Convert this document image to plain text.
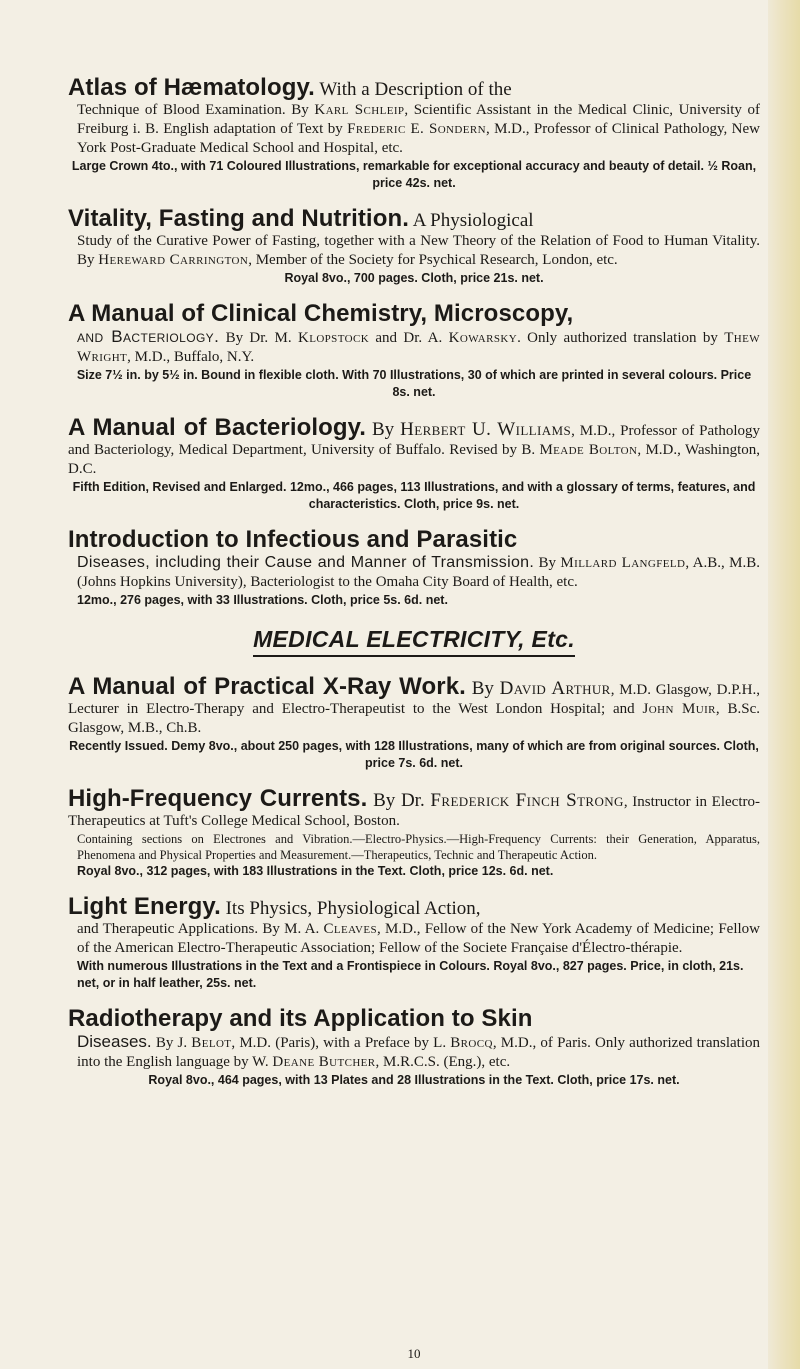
Atlas of Hæmatology. With a Description of the

Technique of Blood Examination. By Karl Schleip, Scientific Assistant in the Medical Clinic, University of Freiburg i. B. English adaptation of Text by Frederic E. Sondern, M.D., Professor of Clinical Pathology, New York Post-Graduate Medical School and Hospital, etc.

Large Crown 4to., with 71 Coloured Illustrations, remarkable for exceptional accuracy and beauty of detail. ½ Roan, price 42s. net.

Vitality, Fasting and Nutrition. A Physiological

Study of the Curative Power of Fasting, together with a New Theory of the Relation of Food to Human Vitality. By Hereward Carrington, Member of the Society for Psychical Research, London, etc.

Royal 8vo., 700 pages. Cloth, price 21s. net.

A Manual of Clinical Chemistry, Microscopy,

and Bacteriology. By Dr. M. Klopstock and Dr. A. Kowarsky. Only authorized translation by Thew Wright, M.D., Buffalo, N.Y.

Size 7½ in. by 5½ in. Bound in flexible cloth. With 70 Illustrations, 30 of which are printed in several colours. Price 8s. net.

A Manual of Bacteriology. By Herbert U. Williams, M.D., Professor of Pathology and Bacteriology, Medical Department, University of Buffalo. Revised by B. Meade Bolton, M.D., Washington, D.C.

Fifth Edition, Revised and Enlarged. 12mo., 466 pages, 113 Illustrations, and with a glossary of terms, features, and characteristics. Cloth, price 9s. net.

Introduction to Infectious and Parasitic

Diseases, including their Cause and Manner of Transmission. By Millard Langfeld, A.B., M.B. (Johns Hopkins University), Bacteriologist to the Omaha City Board of Health, etc.

12mo., 276 pages, with 33 Illustrations. Cloth, price 5s. 6d. net.

MEDICAL ELECTRICITY, Etc.

A Manual of Practical X-Ray Work. By David Arthur, M.D. Glasgow, D.P.H., Lecturer in Electro-Therapy and Electro-Therapeutist to the West London Hospital; and John Muir, B.Sc. Glasgow, M.B., Ch.B.

Recently Issued. Demy 8vo., about 250 pages, with 128 Illustrations, many of which are from original sources. Cloth, price 7s. 6d. net.

High-Frequency Currents. By Dr. Frederick Finch Strong, Instructor in Electro-Therapeutics at Tuft's College Medical School, Boston.

Containing sections on Electrones and Vibration.—Electro-Physics.—High-Frequency Currents: their Generation, Apparatus, Phenomena and Physical Properties and Measurement.—Therapeutics, Technic and Therapeutic Action.

Royal 8vo., 312 pages, with 183 Illustrations in the Text. Cloth, price 12s. 6d. net.

Light Energy. Its Physics, Physiological Action,

and Therapeutic Applications. By M. A. Cleaves, M.D., Fellow of the New York Academy of Medicine; Fellow of the American Electro-Therapeutic Association; Fellow of the Societe Française d'Électro-thérapie.

With numerous Illustrations in the Text and a Frontispiece in Colours. Royal 8vo., 827 pages. Price, in cloth, 21s. net, or in half leather, 25s. net.

Radiotherapy and its Application to Skin

Diseases. By J. Belot, M.D. (Paris), with a Preface by L. Brocq, M.D., of Paris. Only authorized translation into the English language by W. Deane Butcher, M.R.C.S. (Eng.), etc.

Royal 8vo., 464 pages, with 13 Plates and 28 Illustrations in the Text. Cloth, price 17s. net.

10
